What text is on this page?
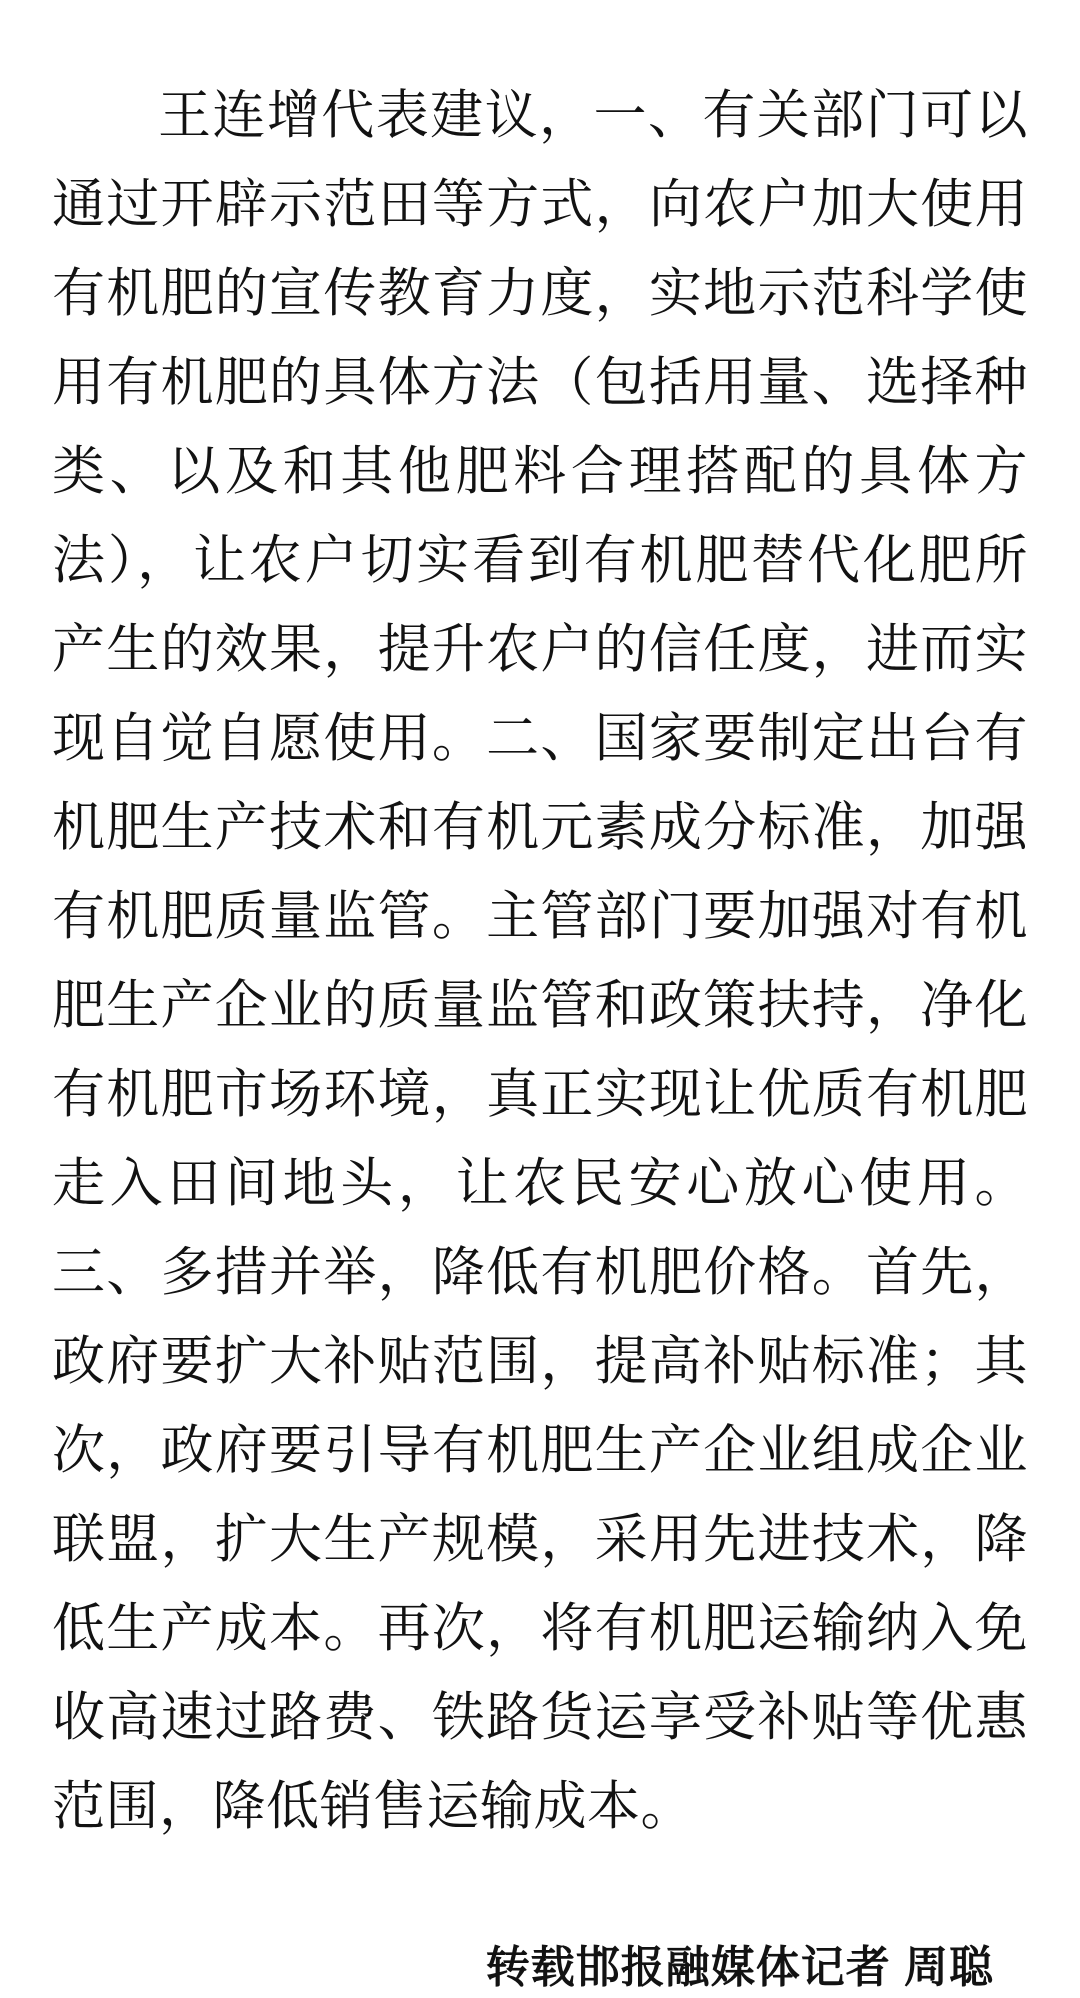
王连增代表建议，一、有关部门可以通过开辟示范田等方式，向农户加大使用有机肥的宣传教育力度，实地示范科学使用有机肥的具体方法（包括用量、选择种类、以及和其他肥料合理搭配的具体方法），让农户切实看到有机肥替代化肥所产生的效果，提升农户的信任度，进而实现自觉自愿使用。二、国家要制定出台有机肥生产技术和有机元素成分标准，加强有机肥质量监管。主管部门要加强对有机肥生产企业的质量监管和政策扶持，净化有机肥市场环境，真正实现让优质有机肥走入田间地头，让农民安心放心使用。三、多措并举，降低有机肥价格。首先，政府要扩大补贴范围，提高补贴标准；其次，政府要引导有机肥生产企业组成企业联盟，扩大生产规模，采用先进技术，降低生产成本。再次，将有机肥运输纳入免收高速过路费、铁路货运享受补贴等优惠范围，降低销售运输成本。

转载邯报融媒体记者 周聪
